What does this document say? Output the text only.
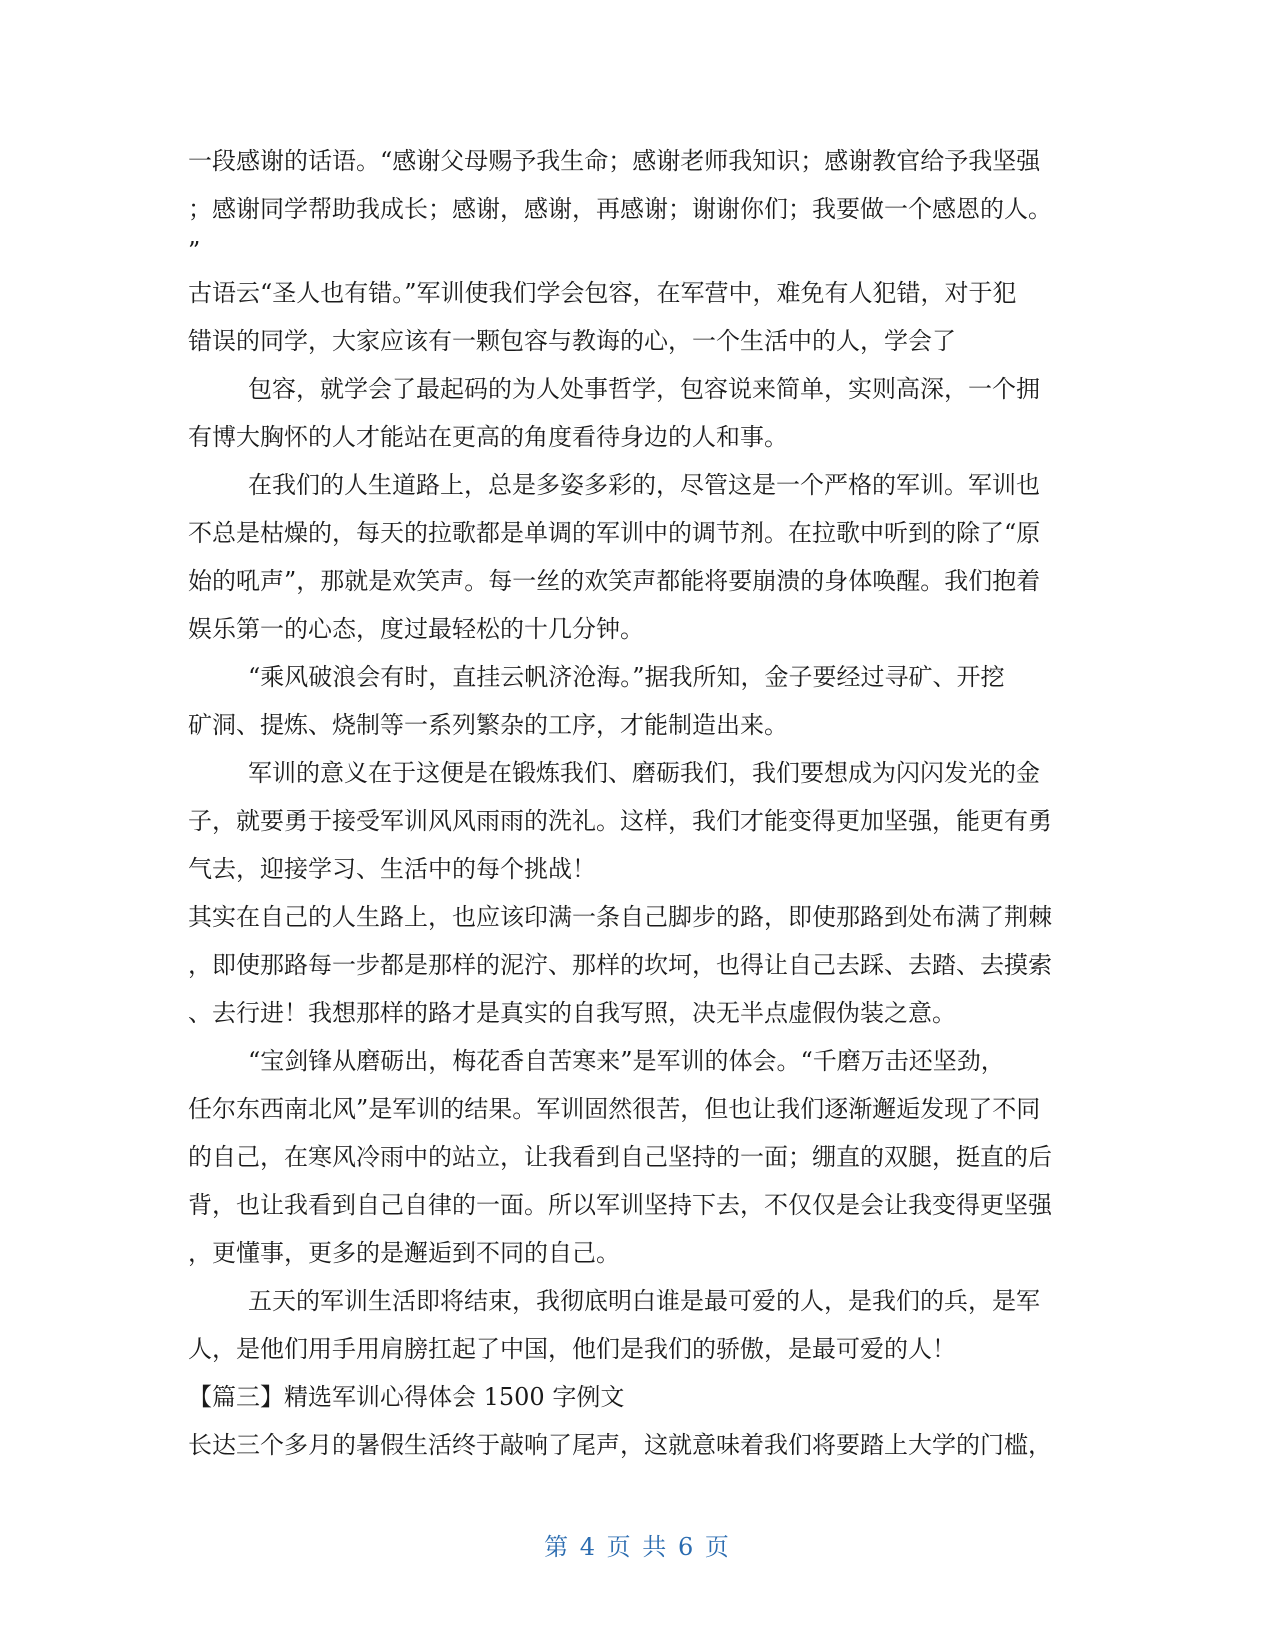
一段感谢的话语。“感谢父母赐予我生命；感谢老师我知识；感谢教官给予我坚强
；感谢同学帮助我成长；感谢，感谢，再感谢；谢谢你们；我要做一个感恩的人。
”
古语云“圣人也有错。”军训使我们学会包容，在军营中，难免有人犯错，对于犯
错误的同学，大家应该有一颗包容与教诲的心，一个生活中的人，学会了
包容，就学会了最起码的为人处事哲学，包容说来简单，实则高深，一个拥
有博大胸怀的人才能站在更高的角度看待身边的人和事。
在我们的人生道路上，总是多姿多彩的，尽管这是一个严格的军训。军训也
不总是枯燥的，每天的拉歌都是单调的军训中的调节剂。在拉歌中听到的除了“原
始的吼声”，那就是欢笑声。每一丝的欢笑声都能将要崩溃的身体唤醒。我们抱着
娱乐第一的心态，度过最轻松的十几分钟。
“乘风破浪会有时，直挂云帆济沧海。”据我所知，金子要经过寻矿、开挖
矿洞、提炼、烧制等一系列繁杂的工序，才能制造出来。
军训的意义在于这便是在锻炼我们、磨砺我们，我们要想成为闪闪发光的金
子，就要勇于接受军训风风雨雨的洗礼。这样，我们才能变得更加坚强，能更有勇
气去，迎接学习、生活中的每个挑战！
其实在自己的人生路上，也应该印满一条自己脚步的路，即使那路到处布满了荆棘
，即使那路每一步都是那样的泥泞、那样的坎坷，也得让自己去踩、去踏、去摸索
、去行进！我想那样的路才是真实的自我写照，决无半点虚假伪装之意。
“宝剑锋从磨砺出，梅花香自苦寒来”是军训的体会。“千磨万击还坚劲，
任尔东西南北风”是军训的结果。军训固然很苦，但也让我们逐渐邂逅发现了不同
的自己，在寒风冷雨中的站立，让我看到自己坚持的一面；绷直的双腿，挺直的后
背，也让我看到自己自律的一面。所以军训坚持下去，不仅仅是会让我变得更坚强
，更懂事，更多的是邂逅到不同的自己。
五天的军训生活即将结束，我彻底明白谁是最可爱的人，是我们的兵，是军
人，是他们用手用肩膀扛起了中国，他们是我们的骄傲，是最可爱的人！
【篇三】精选军训心得体会 1500 字例文
长达三个多月的暑假生活终于敲响了尾声，这就意味着我们将要踏上大学的门槛，
第 4 页 共 6 页
